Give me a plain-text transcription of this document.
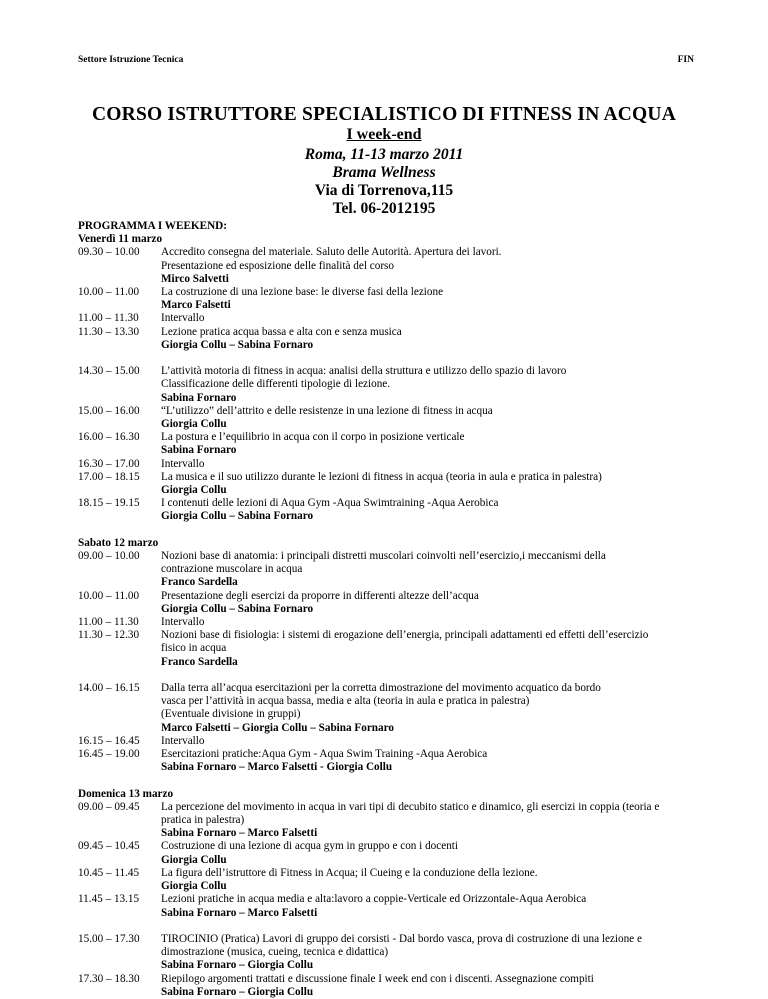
Settore Istruzione Tecnica	FIN
CORSO ISTRUTTORE SPECIALISTICO DI FITNESS IN ACQUA
I week-end
Roma, 11-13 marzo 2011
Brama Wellness
Via di Torrenova,115
Tel. 06-2012195
PROGRAMMA I WEEKEND:
Venerdì 11 marzo
09.30 – 10.00	Accredito consegna del materiale. Saluto delle Autorità. Apertura dei lavori.
Presentazione ed esposizione delle finalità del corso
Mirco Salvetti
10.00 – 11.00	La costruzione di una lezione base: le diverse fasi della lezione
Marco Falsetti
11.00 – 11.30	Intervallo
11.30 – 13.30	Lezione pratica acqua bassa e alta con e senza musica
Giorgia Collu – Sabina Fornaro
14.30 – 15.00	L’attività motoria di fitness in acqua: analisi della struttura e utilizzo dello spazio di lavoro
Classificazione delle differenti tipologie di lezione.
Sabina Fornaro
15.00 – 16.00	“L’utilizzo” dell’attrito e delle resistenze in una lezione di fitness in acqua
Giorgia Collu
16.00 – 16.30	La postura e l’equilibrio in acqua con il corpo in posizione verticale
Sabina Fornaro
16.30 – 17.00	Intervallo
17.00 – 18.15	La musica e il suo utilizzo durante le lezioni di fitness in acqua (teoria in aula e pratica in palestra)
Giorgia Collu
18.15 – 19.15	I contenuti delle lezioni di Aqua Gym -Aqua Swimtraining -Aqua Aerobica
Giorgia Collu – Sabina Fornaro
Sabato 12 marzo
09.00 – 10.00	Nozioni base di anatomia: i principali distretti muscolari coinvolti nell’esercizio,i meccanismi della
contrazione muscolare in acqua
Franco Sardella
10.00 – 11.00	Presentazione degli esercizi da proporre in differenti altezze dell’acqua
Giorgia Collu – Sabina Fornaro
11.00 – 11.30	Intervallo
11.30 – 12.30	Nozioni base di fisiologia: i sistemi di erogazione dell’energia, principali adattamenti ed effetti dell’esercizio
fisico in acqua
Franco Sardella
14.00 – 16.15	Dalla terra all’acqua esercitazioni per la corretta dimostrazione del movimento acquatico da bordo
vasca per l’attività in acqua bassa, media e alta (teoria in aula e pratica in palestra)
(Eventuale divisione in gruppi)
Marco Falsetti – Giorgia Collu – Sabina Fornaro
16.15 – 16.45	Intervallo
16.45 – 19.00	Esercitazioni pratiche:Aqua Gym - Aqua Swim Training -Aqua Aerobica
Sabina Fornaro – Marco Falsetti - Giorgia Collu
Domenica 13 marzo
09.00 – 09.45	La percezione del movimento in acqua in vari tipi di decubito statico e dinamico, gli esercizi in coppia (teoria e
pratica in palestra)
Sabina Fornaro – Marco Falsetti
09.45 – 10.45	Costruzione di una lezione di acqua gym in gruppo e con i docenti
Giorgia Collu
10.45 – 11.45	La figura dell’istruttore di Fitness in Acqua; il Cueing e la conduzione della lezione.
Giorgia Collu
11.45 – 13.15	Lezioni pratiche in acqua media e alta:lavoro a coppie-Verticale ed Orizzontale-Aqua Aerobica
Sabina Fornaro – Marco Falsetti
15.00 – 17.30	TIROCINIO (Pratica) Lavori di gruppo dei corsisti - Dal bordo vasca, prova di costruzione di una lezione e
dimostrazione (musica, cueing, tecnica e didattica)
Sabina Fornaro – Giorgia Collu
17.30 – 18.30	Riepilogo argomenti trattati e discussione finale I week end con i discenti. Assegnazione compiti
Sabina Fornaro – Giorgia Collu
